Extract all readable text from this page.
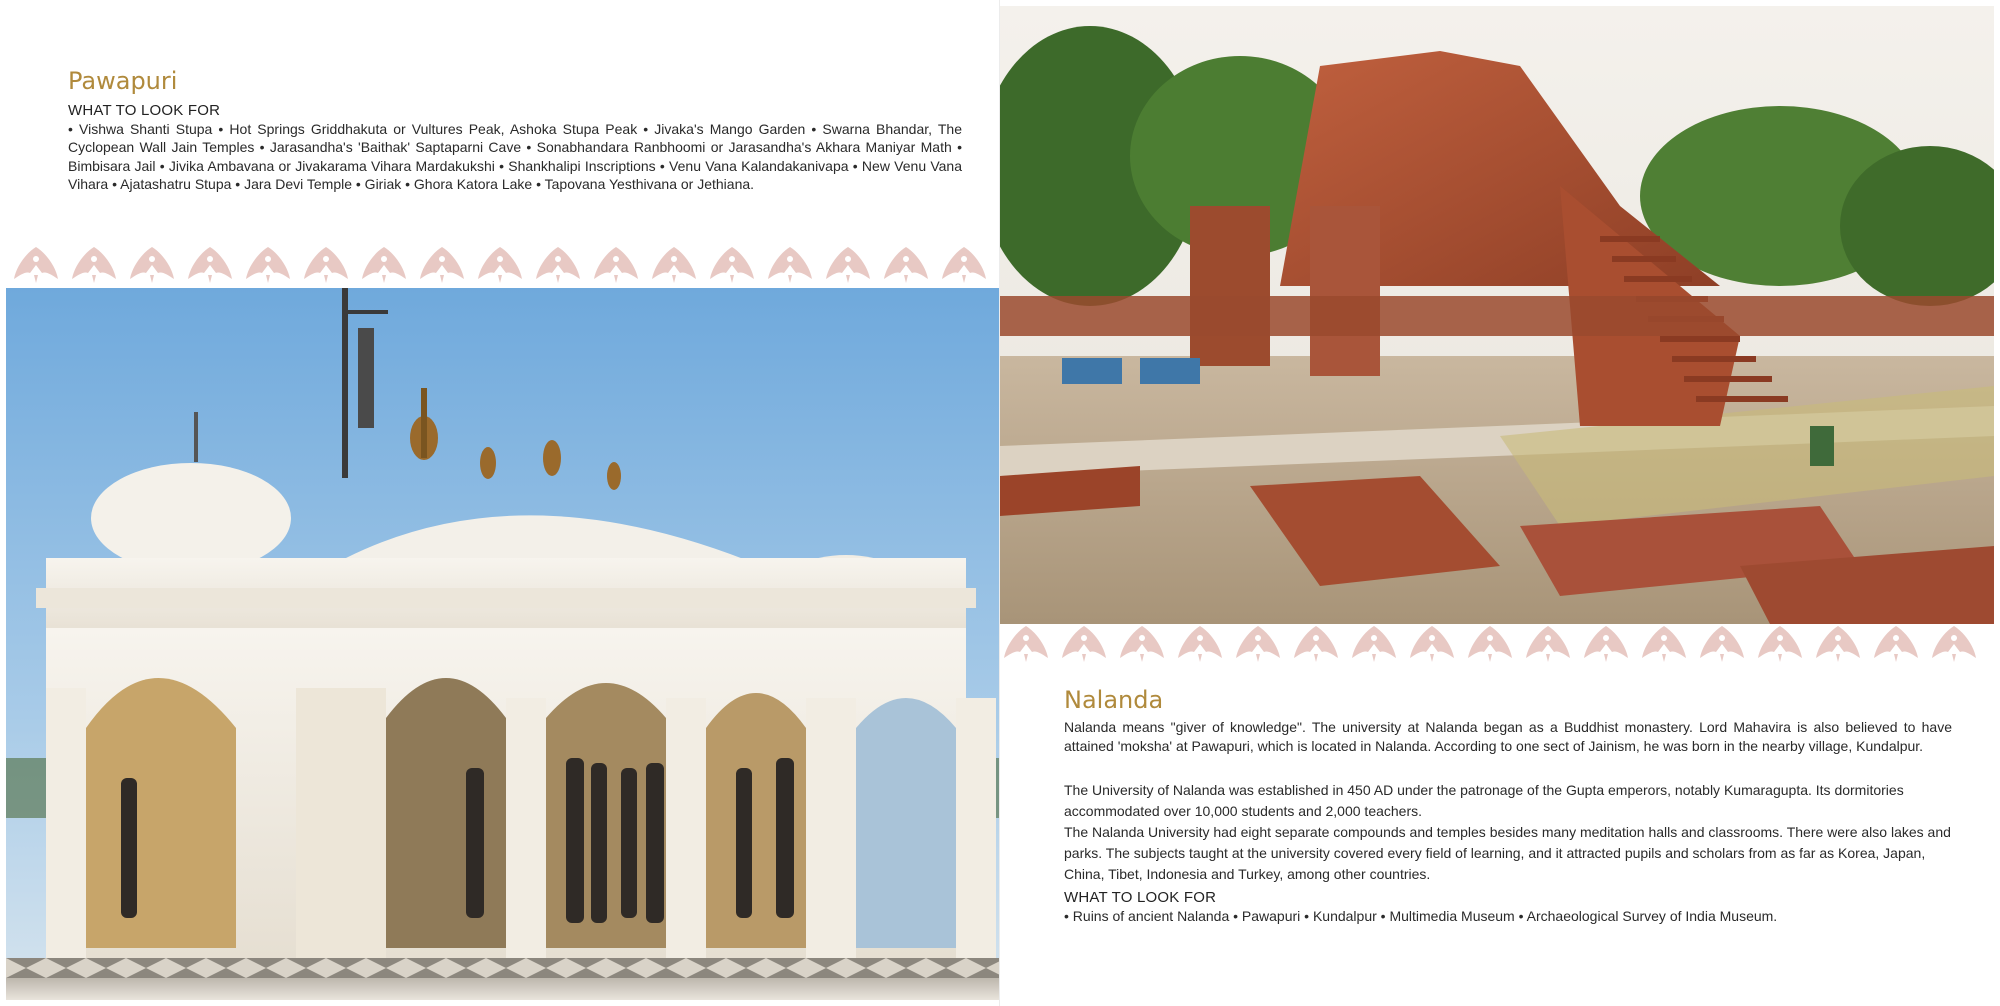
Pawapuri

WHAT TO LOOK FOR

• Vishwa Shanti Stupa • Hot Springs Griddhakuta or Vultures Peak, Ashoka Stupa Peak • Jivaka's Mango Garden • Swarna Bhandar, The Cyclopean Wall Jain Temples • Jarasandha's 'Baithak' Saptaparni Cave • Sonabhandara Ranbhoomi or Jarasandha's Akhara Maniyar Math • Bimbisara Jail • Jivika Ambavana or Jivakarama Vihara Mardakukshi • Shankhalipi Inscriptions • Venu Vana Kalandakanivapa • New Venu Vana Vihara • Ajatashatru Stupa • Jara Devi Temple • Giriak • Ghora Katora Lake • Tapovana Yesthivana or Jethiana.

Nalanda

Nalanda means "giver of knowledge". The university at Nalanda began as a Buddhist monastery. Lord Mahavira is also believed to have attained 'moksha' at Pawapuri, which is located in Nalanda. According to one sect of Jainism, he was born in the nearby village, Kundalpur.

The University of Nalanda was established in 450 AD under the patronage of the Gupta emperors, notably Kumaragupta. Its dormitories accommodated over 10,000 students and 2,000 teachers.

The Nalanda University had eight separate compounds and temples besides many meditation halls and classrooms. There were also lakes and parks. The subjects taught at the university covered every field of learning, and it attracted pupils and scholars from as far as Korea, Japan, China, Tibet, Indonesia and Turkey, among other countries.

WHAT TO LOOK FOR

• Ruins of ancient Nalanda • Pawapuri • Kundalpur • Multimedia Museum • Archaeological Survey of India Museum.
